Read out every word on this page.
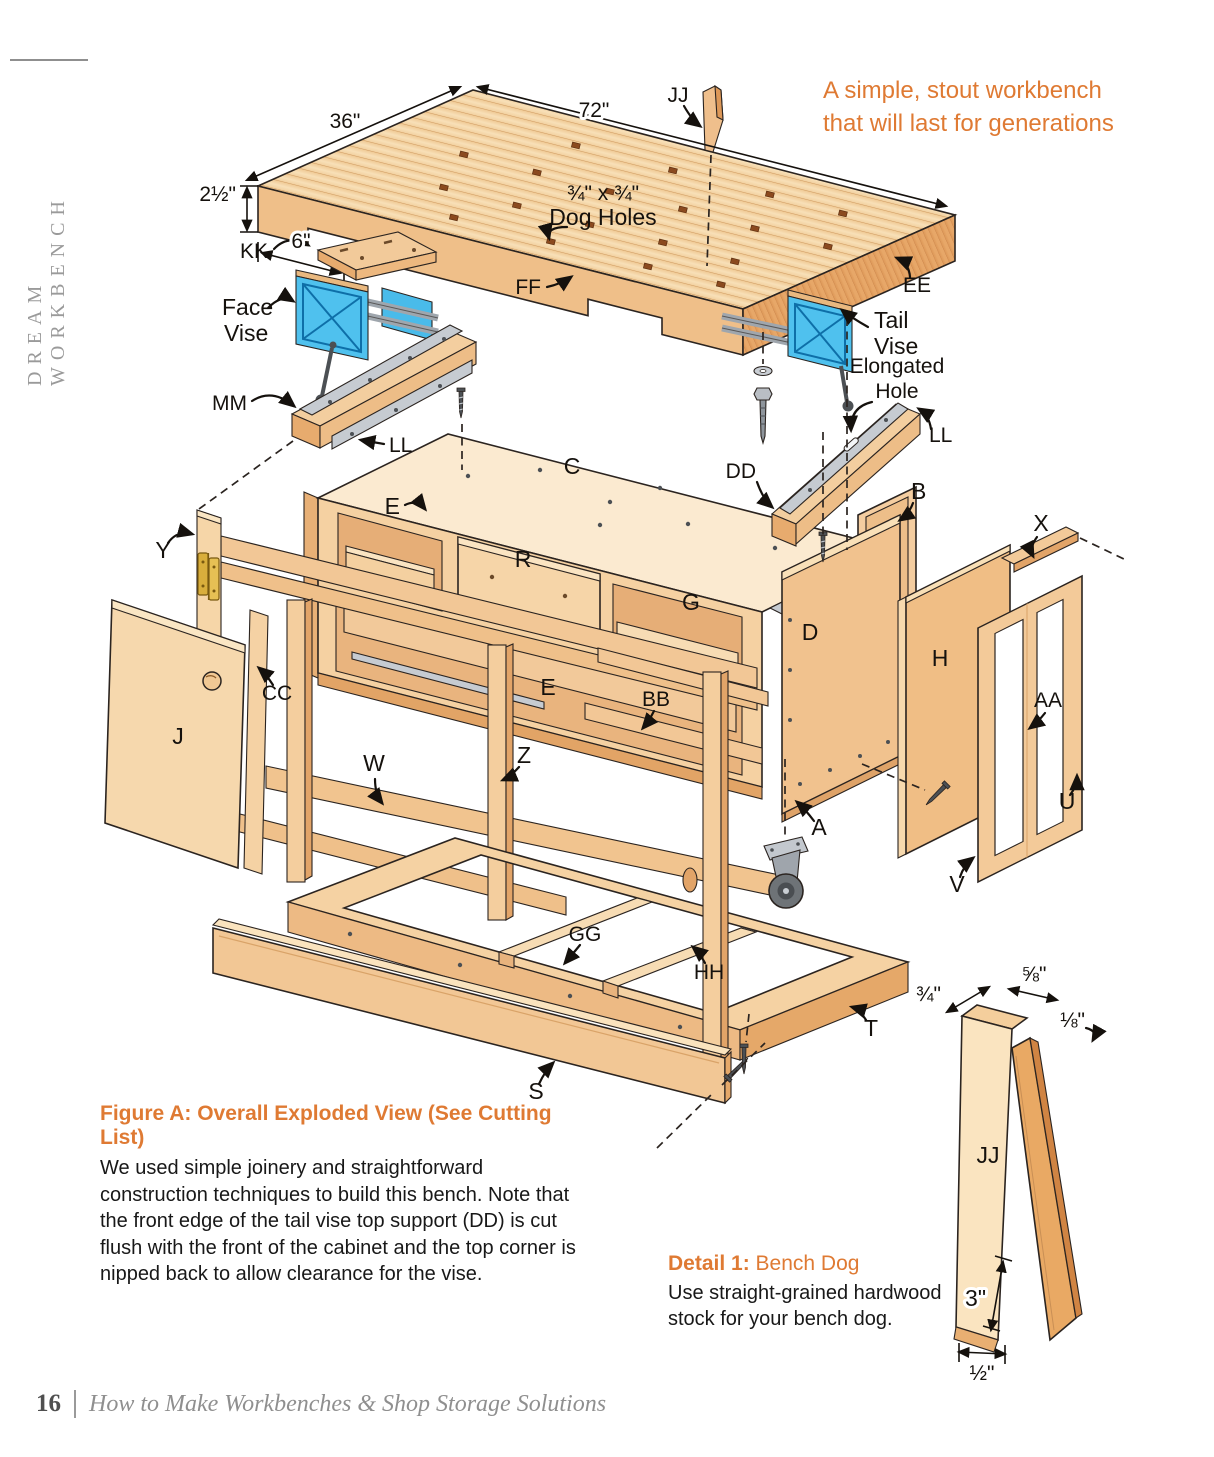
DREAM WORKBENCH
A simple, stout workbench
that will last for generations
36"	72"
2½"
6"
¾" x ¾"
Dog Holes
JJ
KK
Face
Vise
FF	EE
Tail
Vise
Elongated
Hole
MM
LL	LL
C	DD
B
E
R
G
D
X
Y
H
AA
E	BB
CC
J
W	Z
U
A
V
GG
HH
T
S
¾"
⅝"
⅛"
JJ
3"
½"
Figure A: Overall Exploded View (See Cutting List)
We used simple joinery and straightforward construction techniques to build this bench. Note that the front edge of the tail vise top support (DD) is cut flush with the front of the cabinet and the top corner is nipped back to allow clearance for the vise.	Detail 1: Bench Dog
Use straight-grained hardwood stock for your bench dog.
16 How to Make Workbenches & Shop Storage Solutions
